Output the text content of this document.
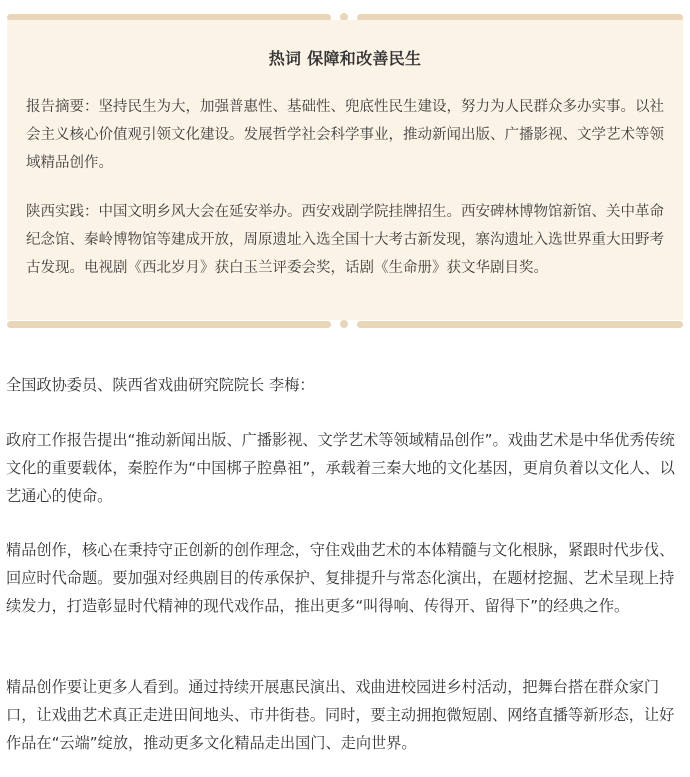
热词 保障和改善民生
报告摘要：坚持民生为大，加强普惠性、基础性、兜底性民生建设，努力为人民群众多办实事。以社会主义核心价值观引领文化建设。发展哲学社会科学事业，推动新闻出版、广播影视、文学艺术等领域精品创作。
陕西实践：中国文明乡风大会在延安举办。西安戏剧学院挂牌招生。西安碑林博物馆新馆、关中革命纪念馆、秦岭博物馆等建成开放，周原遗址入选全国十大考古新发现，寨沟遗址入选世界重大田野考古发现。电视剧《西北岁月》获白玉兰评委会奖，话剧《生命册》获文华剧目奖。
全国政协委员、陕西省戏曲研究院院长 李梅：
政府工作报告提出“推动新闻出版、广播影视、文学艺术等领域精品创作”。戏曲艺术是中华优秀传统文化的重要载体，秦腔作为“中国梆子腔鼻祖”，承载着三秦大地的文化基因，更肩负着以文化人、以艺通心的使命。
精品创作，核心在秉持守正创新的创作理念，守住戏曲艺术的本体精髓与文化根脉，紧跟时代步伐、回应时代命题。要加强对经典剧目的传承保护、复排提升与常态化演出，在题材挖掘、艺术呈现上持续发力，打造彰显时代精神的现代戏作品，推出更多“叫得响、传得开、留得下”的经典之作。
精品创作要让更多人看到。通过持续开展惠民演出、戏曲进校园进乡村活动，把舞台搭在群众家门口，让戏曲艺术真正走进田间地头、市井街巷。同时，要主动拥抱微短剧、网络直播等新形态，让好作品在“云端”绽放，推动更多文化精品走出国门、走向世界。
